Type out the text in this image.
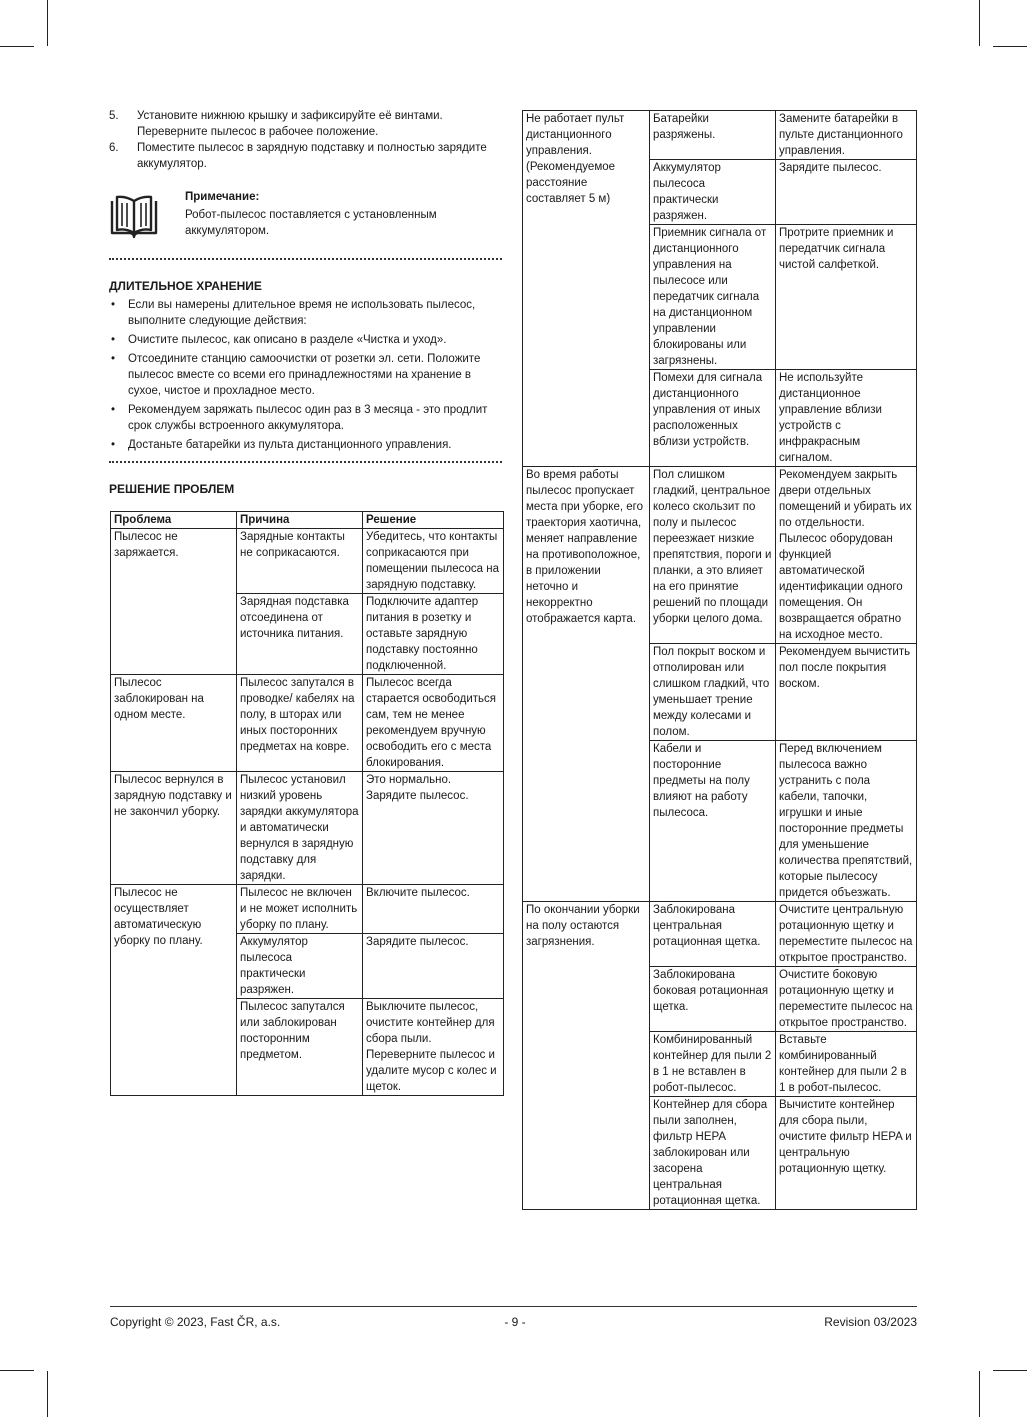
5.	Установите нижнюю крышку и зафиксируйте её винтами. Переверните пылесос в рабочее положение.
6.	Поместите пылесос в зарядную подставку и полностью зарядите аккумулятор.
Примечание:
Робот-пылесос поставляется с установленным аккумулятором.
ДЛИТЕЛЬНОЕ ХРАНЕНИЕ
• Если вы намерены длительное время не использовать пылесос, выполните следующие действия:
• Очистите пылесос, как описано в разделе «Чистка и уход».
• Отсоедините станцию самоочистки от розетки эл. сети. Положите пылесос вместе со всеми его принадлежностями на хранение в сухое, чистое и прохладное место.
• Рекомендуем заряжать пылесос один раз в 3 месяца - это продлит срок службы встроенного аккумулятора.
• Достаньте батарейки из пульта дистанционного управления.
РЕШЕНИЕ ПРОБЛЕМ
Проблема	Причина	Решение
Пылесос не заряжается.	Зарядные контакты не соприкасаются.	Убедитесь, что контакты соприкасаются при помещении пылесоса на зарядную подставку.
	Зарядная подставка отсоединена от источника питания.	Подключите адаптер питания в розетку и оставьте зарядную подставку постоянно подключенной.
Пылесос заблокирован на одном месте.	Пылесос запутался в проводке/ кабелях на полу, в шторах или иных посторонних предметах на ковре.	Пылесос всегда старается освободиться сам, тем не менее рекомендуем вручную освободить его с места блокирования.
Пылесос вернулся в зарядную подставку и не закончил уборку.	Пылесос установил низкий уровень зарядки аккумулятора и автоматически вернулся в зарядную подставку для зарядки.	Это нормально. Зарядите пылесос.
Пылесос не осуществляет автоматическую уборку по плану.	Пылесос не включен и не может исполнить уборку по плану.	Включите пылесос.
	Аккумулятор пылесоса практически разряжен.	Зарядите пылесос.
	Пылесос запутался или заблокирован посторонним предметом.	Выключите пылесос, очистите контейнер для сбора пыли. Переверните пылесос и удалите мусор с колес и щеток.
Не работает пульт дистанционного управления. (Рекомендуемое расстояние составляет 5 м)	Батарейки разряжены.	Замените батарейки в пульте дистанционного управления.
	Аккумулятор пылесоса практически разряжен.	Зарядите пылесос.
	Приемник сигнала от дистанционного управления на пылесосе или передатчик сигнала на дистанционном управлении блокированы или загрязнены.	Протрите приемник и передатчик сигнала чистой салфеткой.
	Помехи для сигнала дистанционного управления от иных расположенных вблизи устройств.	Не используйте дистанционное управление вблизи устройств с инфракрасным сигналом.
Во время работы пылесос пропускает места при уборке, его траектория хаотична, меняет направление на противоположное, в приложении неточно и некорректно отображается карта.	Пол слишком гладкий, центральное колесо скользит по полу и пылесос переезжает низкие препятствия, пороги и планки, а это влияет на его принятие решений по площади уборки целого дома.	Рекомендуем закрыть двери отдельных помещений и убирать их по отдельности. Пылесос оборудован функцией автоматической идентификации одного помещения. Он возвращается обратно на исходное место.
	Пол покрыт воском и отполирован или слишком гладкий, что уменьшает трение между колесами и полом.	Рекомендуем вычистить пол после покрытия воском.
	Кабели и посторонние предметы на полу влияют на работу пылесоса.	Перед включением пылесоса важно устранить с пола кабели, тапочки, игрушки и иные посторонние предметы для уменьшение количества препятствий, которые пылесосу придется объезжать.
По окончании уборки на полу остаются загрязнения.	Заблокирована центральная ротационная щетка.	Очистите центральную ротационную щетку и переместите пылесос на открытое пространство.
	Заблокирована боковая ротационная щетка.	Очистите боковую ротационную щетку и переместите пылесос на открытое пространство.
	Комбинированный контейнер для пыли 2 в 1 не вставлен в робот-пылесос.	Вставьте комбинированный контейнер для пыли 2 в 1 в робот-пылесос.
	Контейнер для сбора пыли заполнен, фильтр HEPA заблокирован или засорена центральная ротационная щетка.	Вычистите контейнер для сбора пыли, очистите фильтр HEPA и центральную ротационную щетку.
Copyright © 2023, Fast ČR, a.s.	- 9 -	Revision 03/2023
